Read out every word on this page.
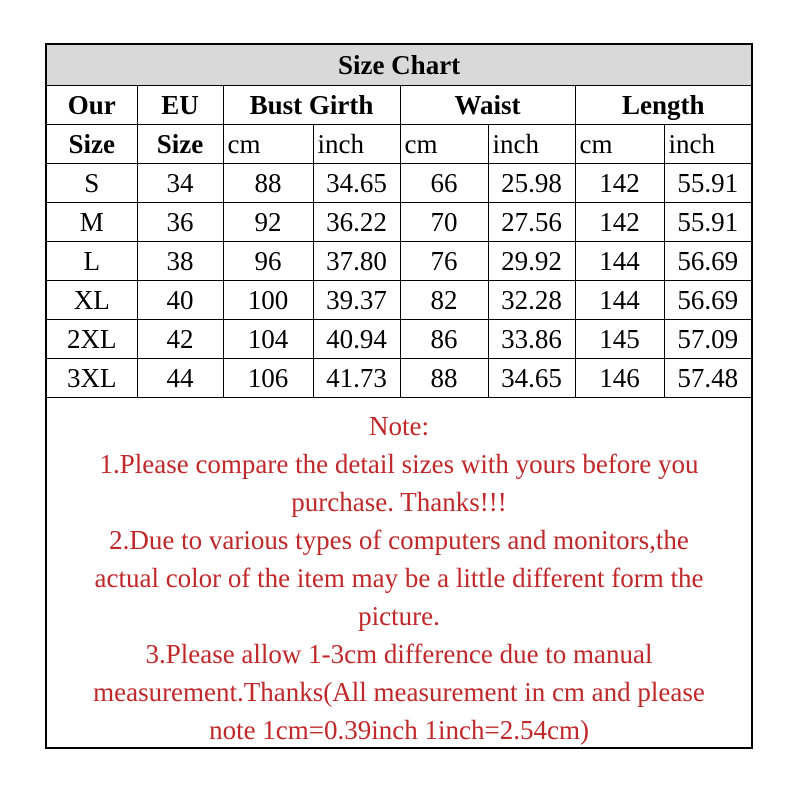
Size Chart							
Our	EU	Bust Girth		Waist		Length	
Size	Size	cm	inch	cm	inch	cm	inch
S	34	88	34.65	66	25.98	142	55.91
M	36	92	36.22	70	27.56	142	55.91
L	38	96	37.80	76	29.92	144	56.69
XL	40	100	39.37	82	32.28	144	56.69
2XL	42	104	40.94	86	33.86	145	57.09
3XL	44	106	41.73	88	34.65	146	57.48
Note:
1.Please compare the detail sizes with yours before you
purchase. Thanks!!!
2.Due to various types of computers and monitors,the
actual color of the item may be a little different form the
picture.
3.Please allow 1-3cm difference due to manual
measurement.Thanks(All measurement in cm and please
note 1cm=0.39inch 1inch=2.54cm)
